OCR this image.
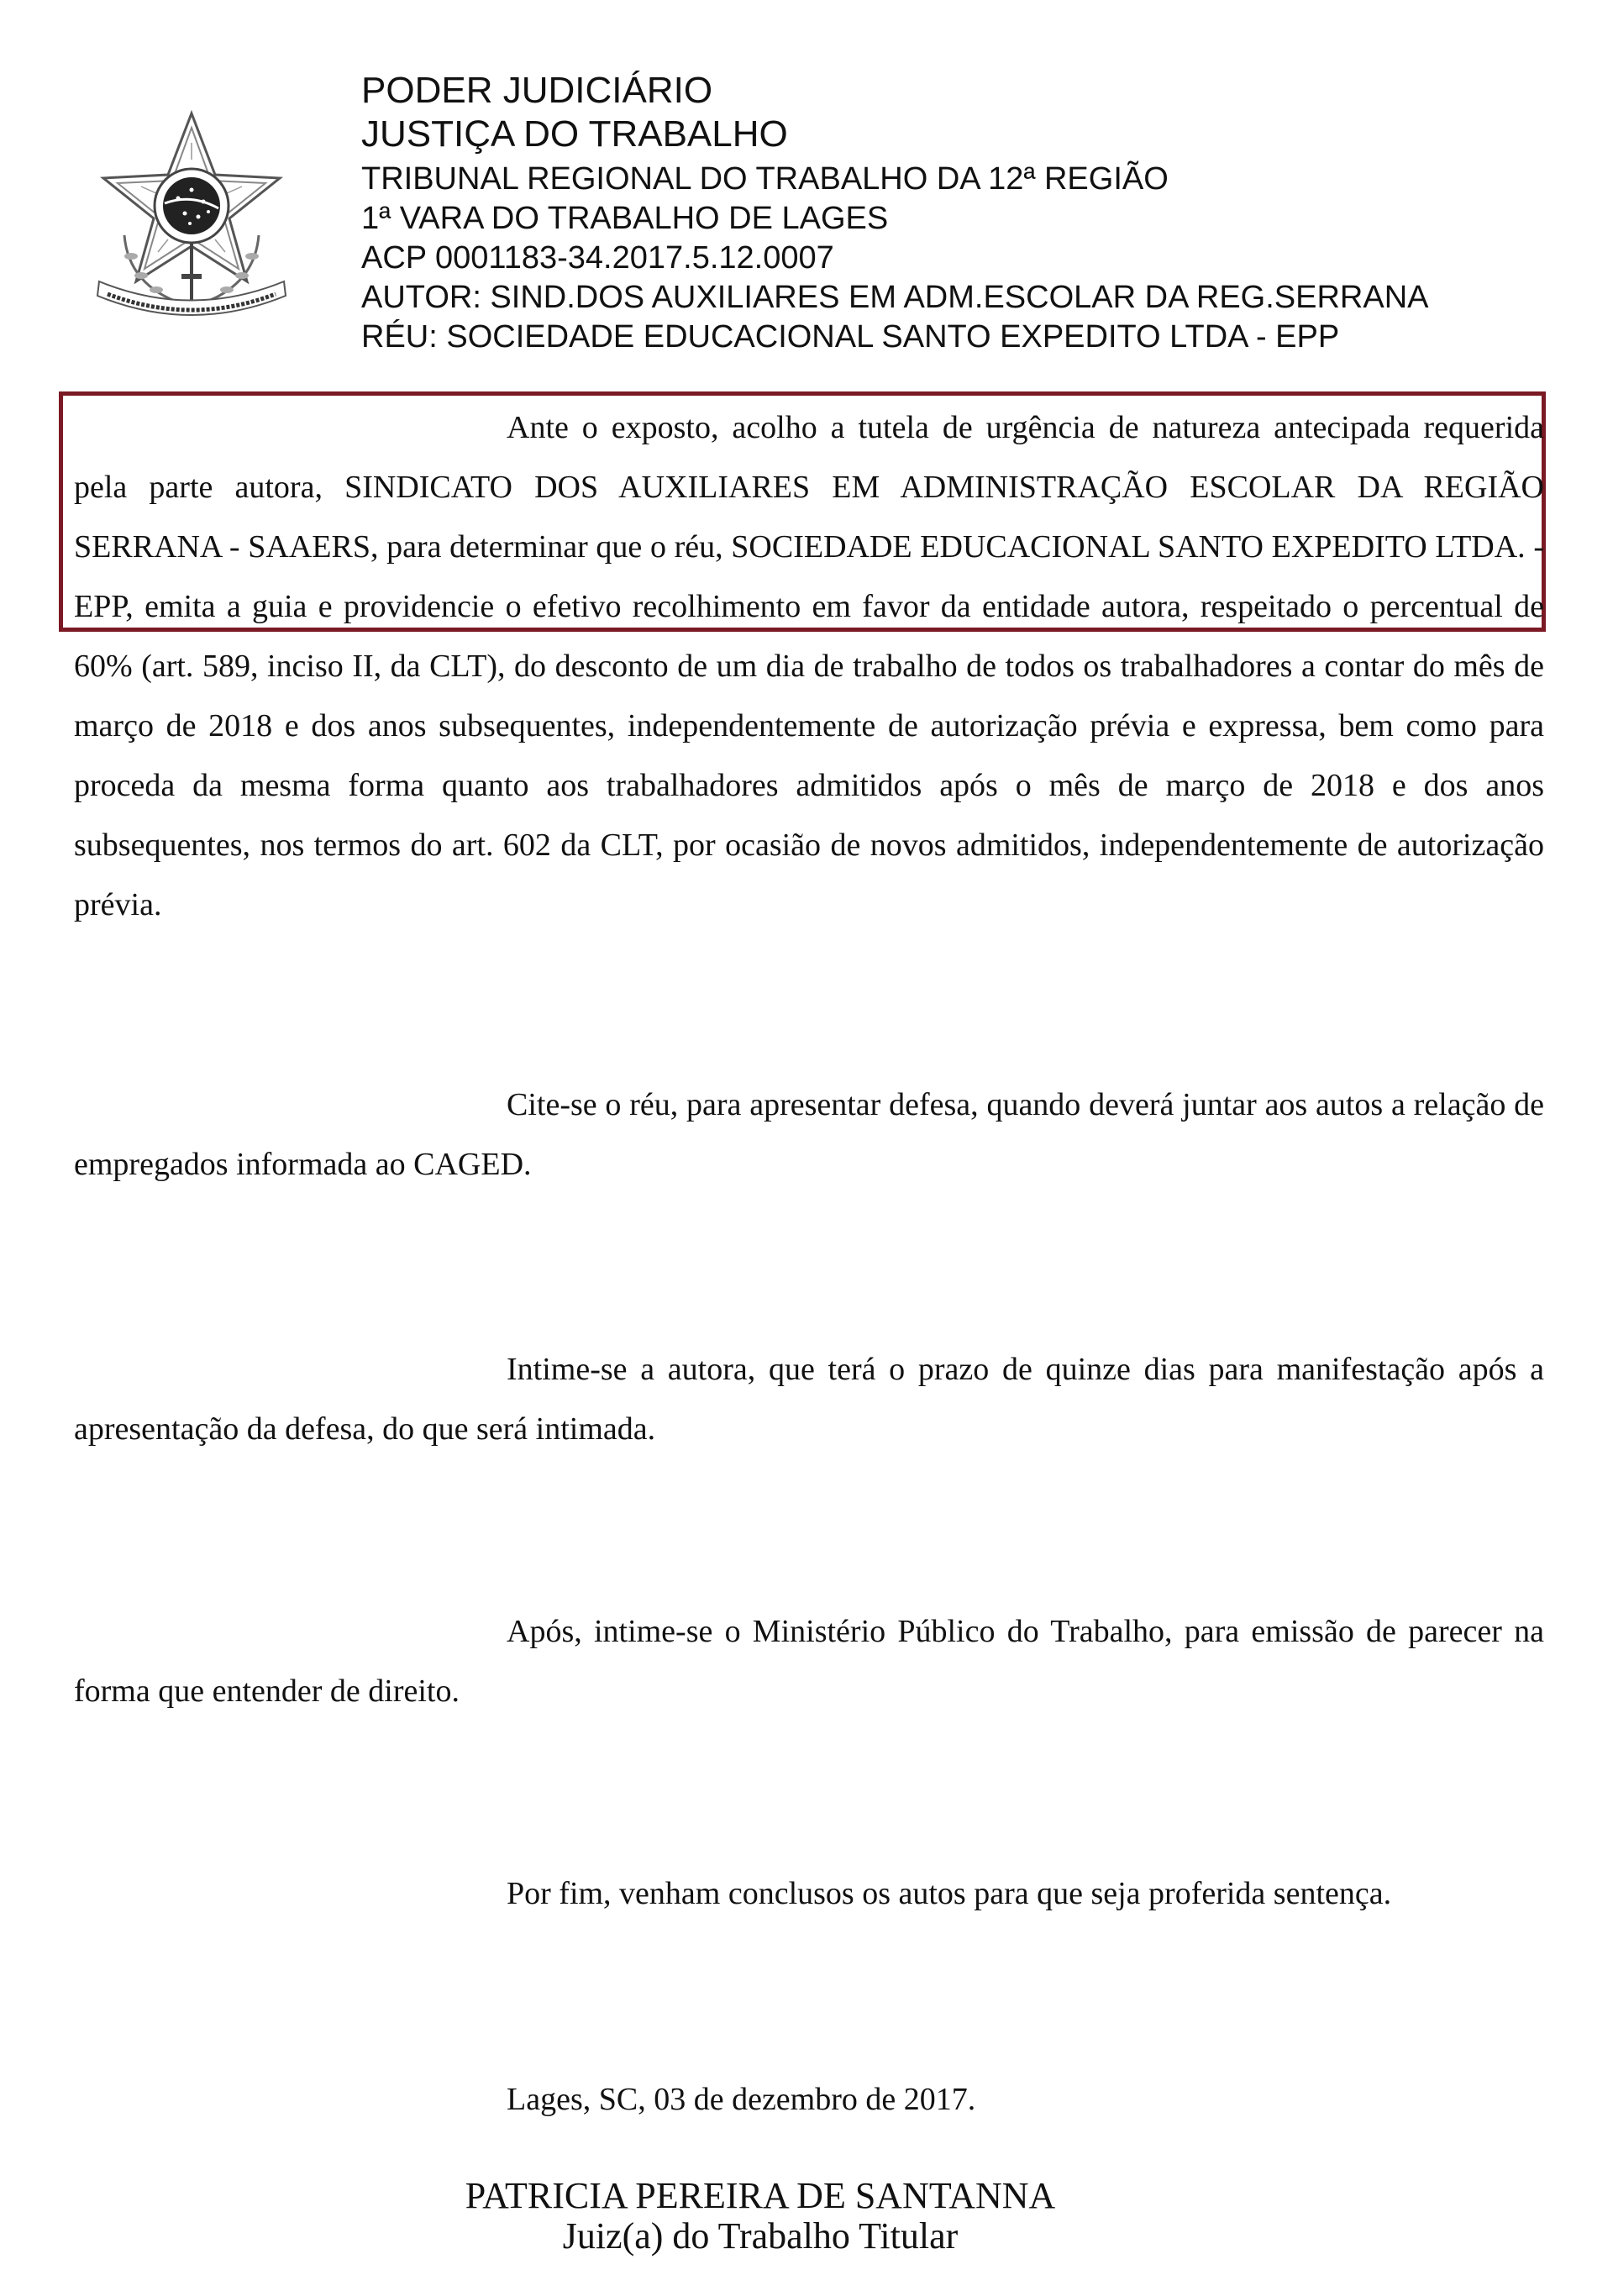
PODER JUDICIÁRIO
JUSTIÇA DO TRABALHO
TRIBUNAL REGIONAL DO TRABALHO DA 12ª REGIÃO
1ª VARA DO TRABALHO DE LAGES
ACP 0001183-34.2017.5.12.0007
AUTOR: SIND.DOS AUXILIARES EM ADM.ESCOLAR DA REG.SERRANA
RÉU: SOCIEDADE EDUCACIONAL SANTO EXPEDITO LTDA - EPP

Ante o exposto, acolho a tutela de urgência de natureza antecipada requerida pela parte autora, SINDICATO DOS AUXILIARES EM ADMINISTRAÇÃO ESCOLAR DA REGIÃO SERRANA - SAAERS, para determinar que o réu, SOCIEDADE EDUCACIONAL SANTO EXPEDITO LTDA. - EPP, emita a guia e providencie o efetivo recolhimento em favor da entidade autora, respeitado o percentual de 60% (art. 589, inciso II, da CLT), do desconto de um dia de trabalho de todos os trabalhadores a contar do mês de março de 2018 e dos anos subsequentes, independentemente de autorização prévia e expressa, bem como para proceda da mesma forma quanto aos trabalhadores admitidos após o mês de março de 2018 e dos anos subsequentes, nos termos do art. 602 da CLT, por ocasião de novos admitidos, independentemente de autorização prévia.

Cite-se o réu, para apresentar defesa, quando deverá juntar aos autos a relação de empregados informada ao CAGED.

Intime-se a autora, que terá o prazo de quinze dias para manifestação após a apresentação da defesa, do que será intimada.

Após, intime-se o Ministério Público do Trabalho, para emissão de parecer na forma que entender de direito.

Por fim, venham conclusos os autos para que seja proferida sentença.

Lages, SC, 03 de dezembro de 2017.

PATRICIA PEREIRA DE SANTANNA
Juiz(a) do Trabalho Titular
